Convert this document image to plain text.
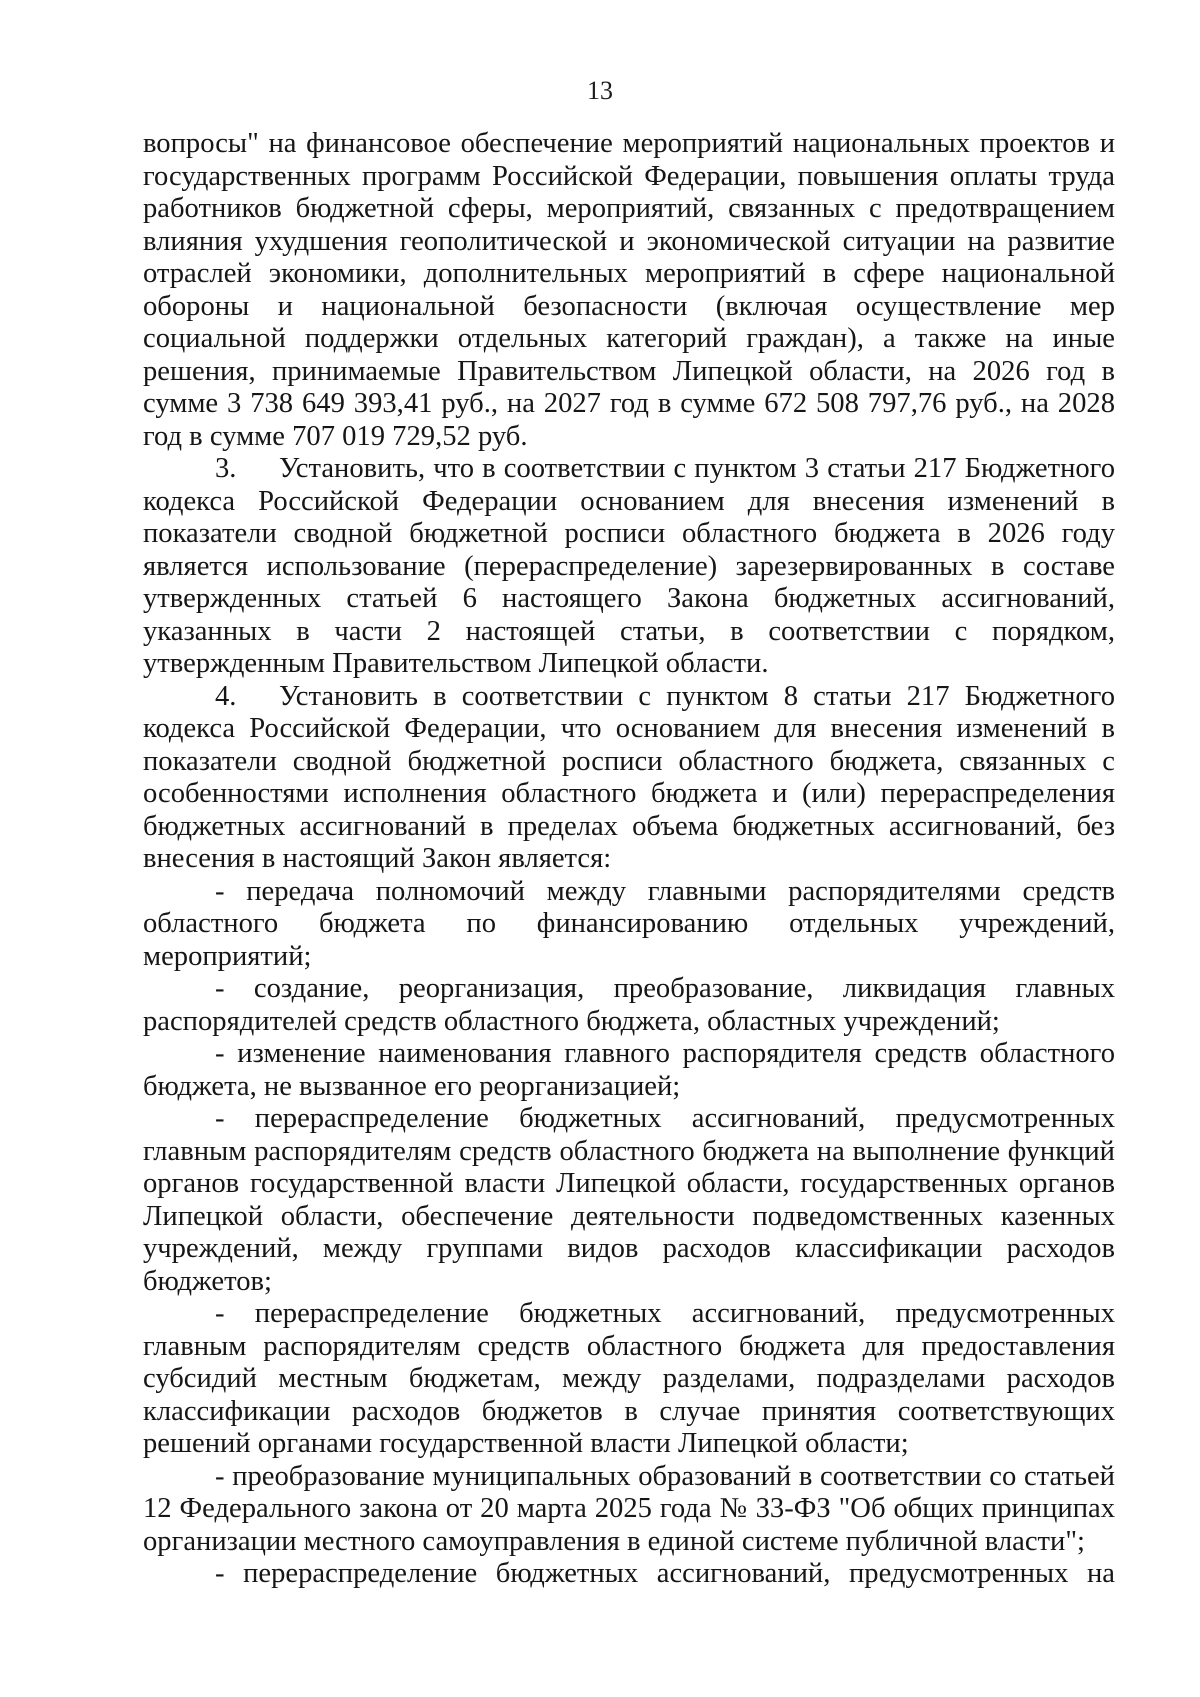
13

вопросы" на финансовое обеспечение мероприятий национальных проектов и государственных программ Российской Федерации, повышения оплаты труда работников бюджетной сферы, мероприятий, связанных с предотвращением влияния ухудшения геополитической и экономической ситуации на развитие отраслей экономики, дополнительных мероприятий в сфере национальной обороны и национальной безопасности (включая осуществление мер социальной поддержки отдельных категорий граждан), а также на иные решения, принимаемые Правительством Липецкой области, на 2026 год в сумме 3 738 649 393,41 руб., на 2027 год в сумме 672 508 797,76 руб., на 2028 год в сумме 707 019 729,52 руб.

3. Установить, что в соответствии с пунктом 3 статьи 217 Бюджетного кодекса Российской Федерации основанием для внесения изменений в показатели сводной бюджетной росписи областного бюджета в 2026 году является использование (перераспределение) зарезервированных в составе утвержденных статьей 6 настоящего Закона бюджетных ассигнований, указанных в части 2 настоящей статьи, в соответствии с порядком, утвержденным Правительством Липецкой области.

4. Установить в соответствии с пунктом 8 статьи 217 Бюджетного кодекса Российской Федерации, что основанием для внесения изменений в показатели сводной бюджетной росписи областного бюджета, связанных с особенностями исполнения областного бюджета и (или) перераспределения бюджетных ассигнований в пределах объема бюджетных ассигнований, без внесения в настоящий Закон является:

- передача полномочий между главными распорядителями средств областного бюджета по финансированию отдельных учреждений, мероприятий;

- создание, реорганизация, преобразование, ликвидация главных распорядителей средств областного бюджета, областных учреждений;

- изменение наименования главного распорядителя средств областного бюджета, не вызванное его реорганизацией;

- перераспределение бюджетных ассигнований, предусмотренных главным распорядителям средств областного бюджета на выполнение функций органов государственной власти Липецкой области, государственных органов Липецкой области, обеспечение деятельности подведомственных казенных учреждений, между группами видов расходов классификации расходов бюджетов;

- перераспределение бюджетных ассигнований, предусмотренных главным распорядителям средств областного бюджета для предоставления субсидий местным бюджетам, между разделами, подразделами расходов классификации расходов бюджетов в случае принятия соответствующих решений органами государственной власти Липецкой области;

- преобразование муниципальных образований в соответствии со статьей 12 Федерального закона от 20 марта 2025 года № 33-ФЗ "Об общих принципах организации местного самоуправления в единой системе публичной власти";

- перераспределение бюджетных ассигнований, предусмотренных на
